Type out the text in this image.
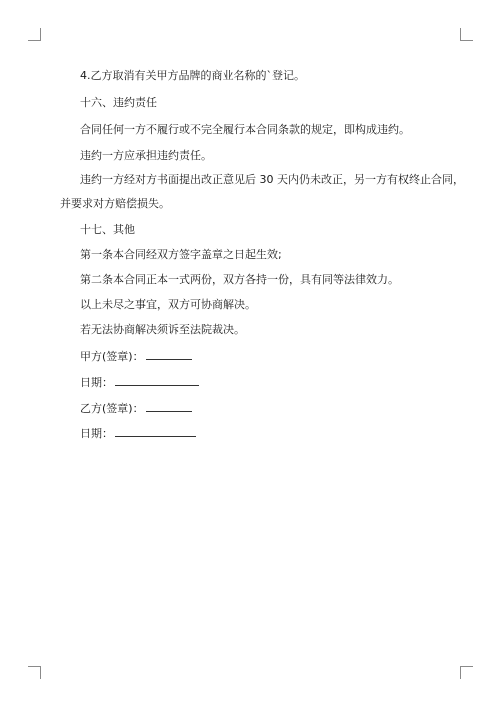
4.乙方取消有关甲方品牌的商业名称的`登记。
十六、违约责任
合同任何一方不履行或不完全履行本合同条款的规定，即构成违约。
违约一方应承担违约责任。
违约一方经对方书面提出改正意见后 30 天内仍未改正，另一方有权终止合同，
并要求对方赔偿损失。
十七、其他
第一条本合同经双方签字盖章之日起生效;
第二条本合同正本一式两份，双方各持一份，具有同等法律效力。
以上未尽之事宜，双方可协商解决。
若无法协商解决须诉至法院裁决。
甲方(签章)：
日期：
乙方(签章)：
日期：
